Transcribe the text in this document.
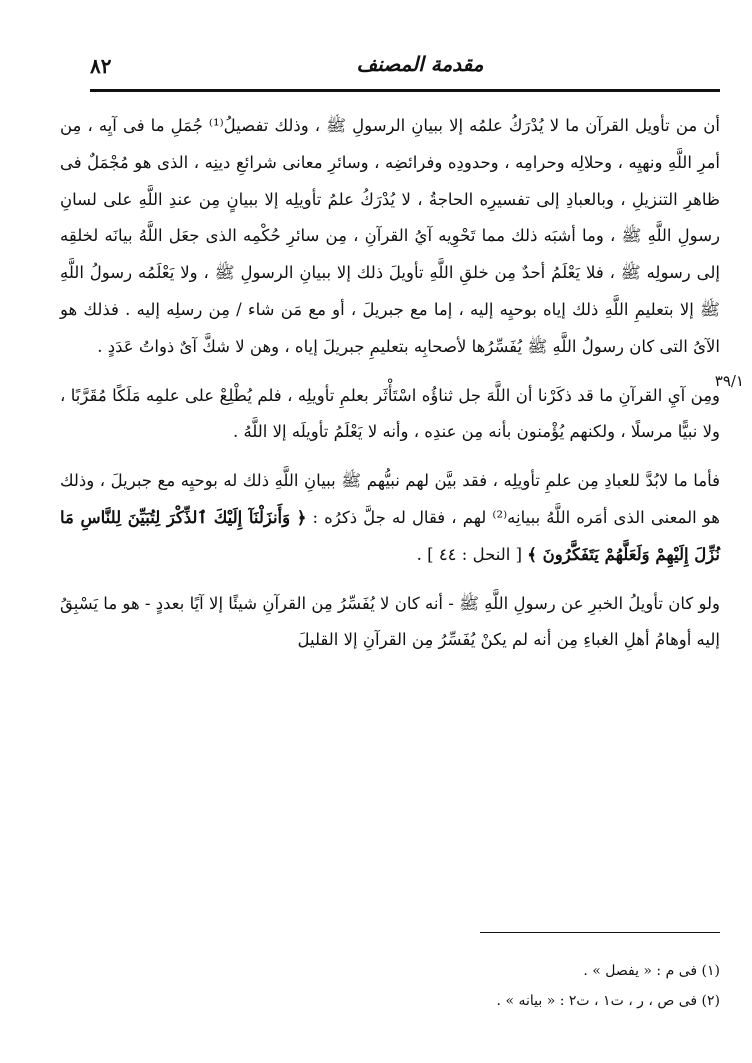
٨٢	مقدمة المصنف
٣٩/١

أن من تأويل القرآن ما لا يُدْرَكُ علمُه إلا ببيانِ الرسولِ ﷺ ، وذلك تفصيلُ⁽¹⁾ جُمَلِ ما فى آيِه ، مِن أمرِ اللَّهِ ونهيِه ، وحلالِه وحرامِه ، وحدودِه وفرائضِه ، وسائرِ معانى شرائعِ دينِه ، الذى هو مُجْمَلٌ فى ظاهرِ التنزيلِ ، وبالعبادِ إلى تفسيرِه الحاجةُ ، لا يُدْرَكُ علمُ تأويلِه إلا ببيانٍ مِن عندِ اللَّهِ على لسانِ رسولِ اللَّهِ ﷺ ، وما أشبَه ذلك مما تَحْوِيه آيُ القرآنِ ، مِن سائرِ حُكْمِه الذى جعَل اللَّهُ بيانَه لخلقِه إلى رسولِه ﷺ ، فلا يَعْلَمُ أحدٌ مِن خلقِ اللَّهِ تأويلَ ذلك إلا ببيانِ الرسولِ ﷺ ، ولا يَعْلَمُه رسولُ اللَّهِ ﷺ إلا بتعليمِ اللَّهِ ذلك إياه بوحيِه إليه ، إما مع جبريلَ ، أو مع مَن شاء / مِن رسلِه إليه . فذلك هو الآىُ التى كان رسولُ اللَّهِ ﷺ يُفَسِّرُها لأصحابِه بتعليمِ جبريلَ إياه ، وهن لا شكَّ آىٌ ذواتُ عَدَدٍ .

ومِن آيِ القرآنِ ما قد ذكَرْنا أن اللَّهَ جل ثناؤُه اسْتَأْثَر بعلمِ تأويلِه ، فلم يُطْلِعْ على علمِه مَلَكًا مُقَرَّبًا ، ولا نبيًّا مرسلًا ، ولكنهم يُؤْمنون بأنه مِن عندِه ، وأنه لا يَعْلَمُ تأويلَه إلا اللَّهُ .

فأما ما لابُدَّ للعبادِ مِن علمِ تأويلِه ، فقد بيَّن لهم نبيُّهم ﷺ ببيانِ اللَّهِ ذلك له بوحيِه مع جبريلَ ، وذلك هو المعنى الذى أمَره اللَّهُ ببيانِه⁽²⁾ لهم ، فقال له جلَّ ذكرُه : ﴿ وَأَنزَلْنَآ إِلَيْكَ ٱلذِّكْرَ لِتُبَيِّنَ لِلنَّاسِ مَا نُزِّلَ إِلَيْهِمْ وَلَعَلَّهُمْ يَتَفَكَّرُونَ ﴾ [ النحل : ٤٤ ] .

ولو كان تأويلُ الخبرِ عن رسولِ اللَّهِ ﷺ - أنه كان لا يُفَسِّرُ مِن القرآنِ شيئًا إلا آيًا بعددٍ - هو ما يَسْبِقُ إليه أوهامُ أهلِ الغباءِ مِن أنه لم يكنْ يُفَسِّرُ مِن القرآنِ إلا القليلَ

(١) فى م : « يفصل » .

(٢) فى ص ، ر ، ت١ ، ت٢ : « بيانه » .
